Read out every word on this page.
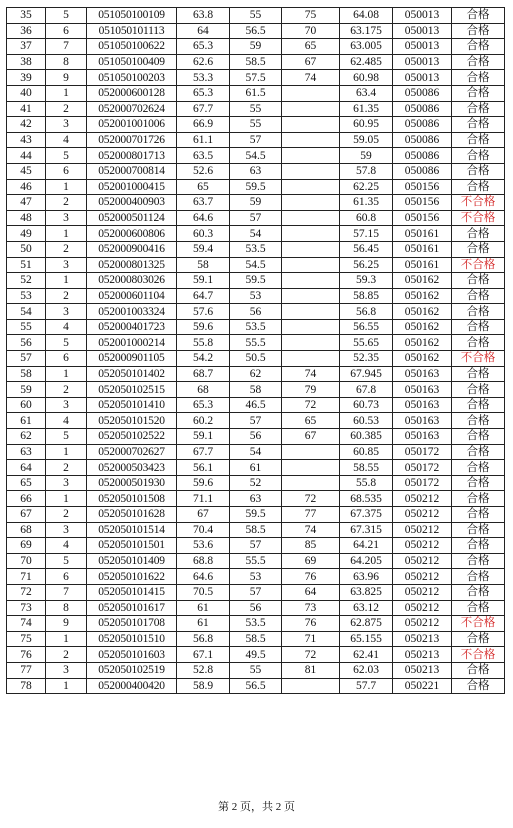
35	5	051050100109	63.8	55	75	64.08	050013	合格
36	6	051050101113	64	56.5	70	63.175	050013	合格
37	7	051050100622	65.3	59	65	63.005	050013	合格
38	8	051050100409	62.6	58.5	67	62.485	050013	合格
39	9	051050100203	53.3	57.5	74	60.98	050013	合格
40	1	052000600128	65.3	61.5		63.4	050086	合格
41	2	052000702624	67.7	55		61.35	050086	合格
42	3	052001001006	66.9	55		60.95	050086	合格
43	4	052000701726	61.1	57		59.05	050086	合格
44	5	052000801713	63.5	54.5		59	050086	合格
45	6	052000700814	52.6	63		57.8	050086	合格
46	1	052001000415	65	59.5		62.25	050156	合格
47	2	052000400903	63.7	59		61.35	050156	不合格
48	3	052000501124	64.6	57		60.8	050156	不合格
49	1	052000600806	60.3	54		57.15	050161	合格
50	2	052000900416	59.4	53.5		56.45	050161	合格
51	3	052000801325	58	54.5		56.25	050161	不合格
52	1	052000803026	59.1	59.5		59.3	050162	合格
53	2	052000601104	64.7	53		58.85	050162	合格
54	3	052001003324	57.6	56		56.8	050162	合格
55	4	052000401723	59.6	53.5		56.55	050162	合格
56	5	052001000214	55.8	55.5		55.65	050162	合格
57	6	052000901105	54.2	50.5		52.35	050162	不合格
58	1	052050101402	68.7	62	74	67.945	050163	合格
59	2	052050102515	68	58	79	67.8	050163	合格
60	3	052050101410	65.3	46.5	72	60.73	050163	合格
61	4	052050101520	60.2	57	65	60.53	050163	合格
62	5	052050102522	59.1	56	67	60.385	050163	合格
63	1	052000702627	67.7	54		60.85	050172	合格
64	2	052000503423	56.1	61		58.55	050172	合格
65	3	052000501930	59.6	52		55.8	050172	合格
66	1	052050101508	71.1	63	72	68.535	050212	合格
67	2	052050101628	67	59.5	77	67.375	050212	合格
68	3	052050101514	70.4	58.5	74	67.315	050212	合格
69	4	052050101501	53.6	57	85	64.21	050212	合格
70	5	052050101409	68.8	55.5	69	64.205	050212	合格
71	6	052050101622	64.6	53	76	63.96	050212	合格
72	7	052050101415	70.5	57	64	63.825	050212	合格
73	8	052050101617	61	56	73	63.12	050212	合格
74	9	052050101708	61	53.5	76	62.875	050212	不合格
75	1	052050101510	56.8	58.5	71	65.155	050213	合格
76	2	052050101603	67.1	49.5	72	62.41	050213	不合格
77	3	052050102519	52.8	55	81	62.03	050213	合格
78	1	052000400420	58.9	56.5		57.7	050221	合格
第 2 页，共 2 页
